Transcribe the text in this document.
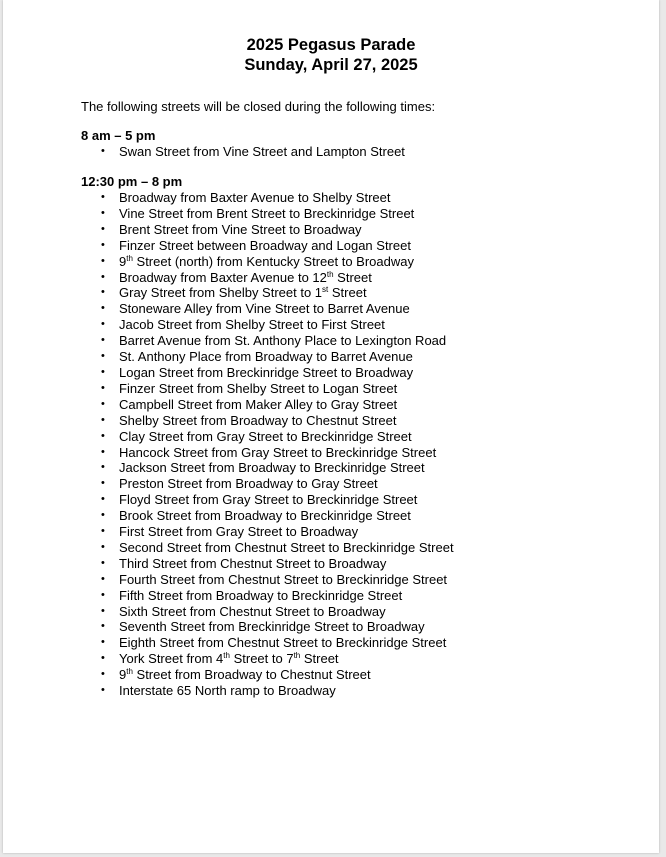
2025 Pegasus Parade
Sunday, April 27, 2025
The following streets will be closed during the following times:
8 am – 5 pm
• Swan Street from Vine Street and Lampton Street
12:30 pm – 8 pm
• Broadway from Baxter Avenue to Shelby Street
• Vine Street from Brent Street to Breckinridge Street
• Brent Street from Vine Street to Broadway
• Finzer Street between Broadway and Logan Street
• 9th Street (north) from Kentucky Street to Broadway
• Broadway from Baxter Avenue to 12th Street
• Gray Street from Shelby Street to 1st Street
• Stoneware Alley from Vine Street to Barret Avenue
• Jacob Street from Shelby Street to First Street
• Barret Avenue from St. Anthony Place to Lexington Road
• St. Anthony Place from Broadway to Barret Avenue
• Logan Street from Breckinridge Street to Broadway
• Finzer Street from Shelby Street to Logan Street
• Campbell Street from Maker Alley to Gray Street
• Shelby Street from Broadway to Chestnut Street
• Clay Street from Gray Street to Breckinridge Street
• Hancock Street from Gray Street to Breckinridge Street
• Jackson Street from Broadway to Breckinridge Street
• Preston Street from Broadway to Gray Street
• Floyd Street from Gray Street to Breckinridge Street
• Brook Street from Broadway to Breckinridge Street
• First Street from Gray Street to Broadway
• Second Street from Chestnut Street to Breckinridge Street
• Third Street from Chestnut Street to Broadway
• Fourth Street from Chestnut Street to Breckinridge Street
• Fifth Street from Broadway to Breckinridge Street
• Sixth Street from Chestnut Street to Broadway
• Seventh Street from Breckinridge Street to Broadway
• Eighth Street from Chestnut Street to Breckinridge Street
• York Street from 4th Street to 7th Street
• 9th Street from Broadway to Chestnut Street
• Interstate 65 North ramp to Broadway
